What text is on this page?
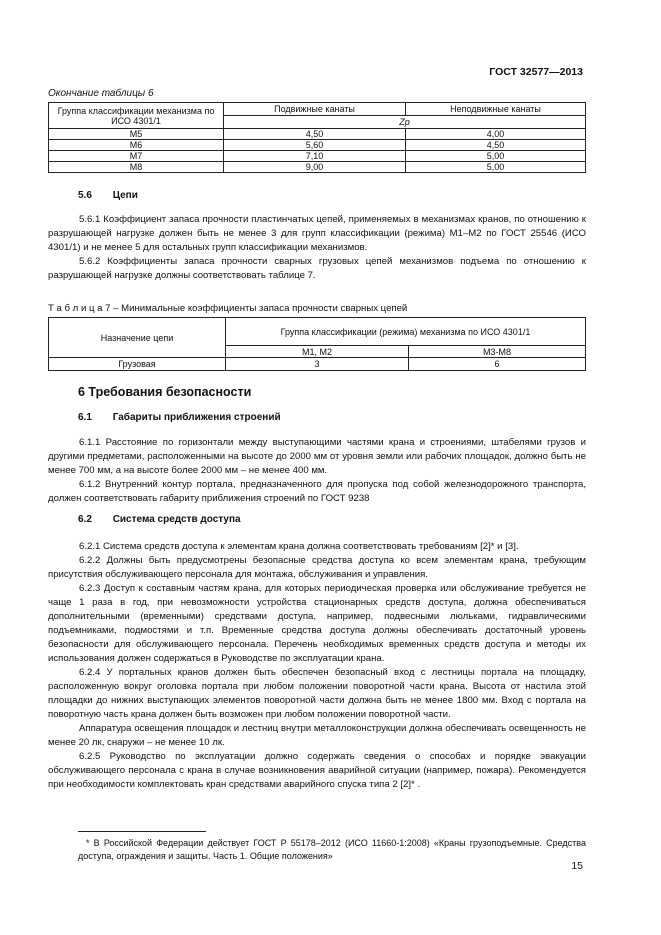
ГОСТ 32577—2013
Окончание таблицы 6
Группа классификации механизма по ИСО 4301/1	Подвижные канаты	Неподвижные канаты
	Zp	
М5	4,50	4,00
М6	5,60	4,50
М7	7,10	5,00
М8	9,00	5,00
5.6 Цепи

5.6.1 Коэффициент запаса прочности пластинчатых цепей, применяемых в механизмах кранов, по отношению к разрушающей нагрузке должен быть не менее 3 для групп классификации (режима) М1–М2 по ГОСТ 25546 (ИСО 4301/1) и не менее 5 для остальных групп классификации механизмов.

5.6.2 Коэффициенты запаса прочности сварных грузовых цепей механизмов подъема по отношению к разрушающей нагрузке должны соответствовать таблице 7.

Т а б л и ц а 7 – Минимальные коэффициенты запаса прочности сварных цепей
Назначение цепи	Группа классификации (режима) механизма по ИСО 4301/1	
	М1, М2	М3-М8
Грузовая	3	6
6 Требования безопасности
6.1 Габариты приближения строений

6.1.1 Расстояние по горизонтали между выступающими частями крана и строениями, штабелями грузов и другими предметами, расположенными на высоте до 2000 мм от уровня земли или рабочих площадок, должно быть не менее 700 мм, а на высоте более 2000 мм – не менее 400 мм.

6.1.2 Внутренний контур портала, предназначенного для пропуска под собой железнодорожного транспорта, должен соответствовать габариту приближения строений по ГОСТ 9238

6.2 Система средств доступа

6.2.1 Система средств доступа к элементам крана должна соответствовать требованиям [2]* и [3].

6.2.2 Должны быть предусмотрены безопасные средства доступа ко всем элементам крана, требующим присутствия обслуживающего персонала для монтажа, обслуживания и управления.

6.2.3 Доступ к составным частям крана, для которых периодическая проверка или обслуживание требуется не чаще 1 раза в год, при невозможности устройства стационарных средств доступа, должна обеспечиваться дополнительными (временными) средствами доступа, например, подвесными люльками, гидравлическими подъемниками, подмостями и т.п. Временные средства доступа должны обеспечивать достаточный уровень безопасности для обслуживающего персонала. Перечень необходимых временных средств доступа и методы их использования должен содержаться в Руководстве по эксплуатации крана.

6.2.4 У портальных кранов должен быть обеспечен безопасный вход с лестницы портала на площадку, расположенную вокруг оголовка портала при любом положении поворотной части крана. Высота от настила этой площадки до нижних выступающих элементов поворотной части должна быть не менее 1800 мм. Вход с портала на поворотную часть крана должен быть возможен при любом положении поворотной части.

Аппаратура освещения площадок и лестниц внутри металлоконструкции должна обеспечивать освещенность не менее 20 лк, снаружи – не менее 10 лк.

6.2.5 Руководство по эксплуатации должно содержать сведения о способах и порядке эвакуации обслуживающего персонала с крана в случае возникновения аварийной ситуации (например, пожара). Рекомендуется при необходимости комплектовать кран средствами аварийного спуска типа 2 [2]* .

* В Российской Федерации действует ГОСТ Р 55178–2012 (ИСО 11660-1:2008) «Краны грузоподъемные. Средства доступа, ограждения и защиты. Часть 1. Общие положения»

15
